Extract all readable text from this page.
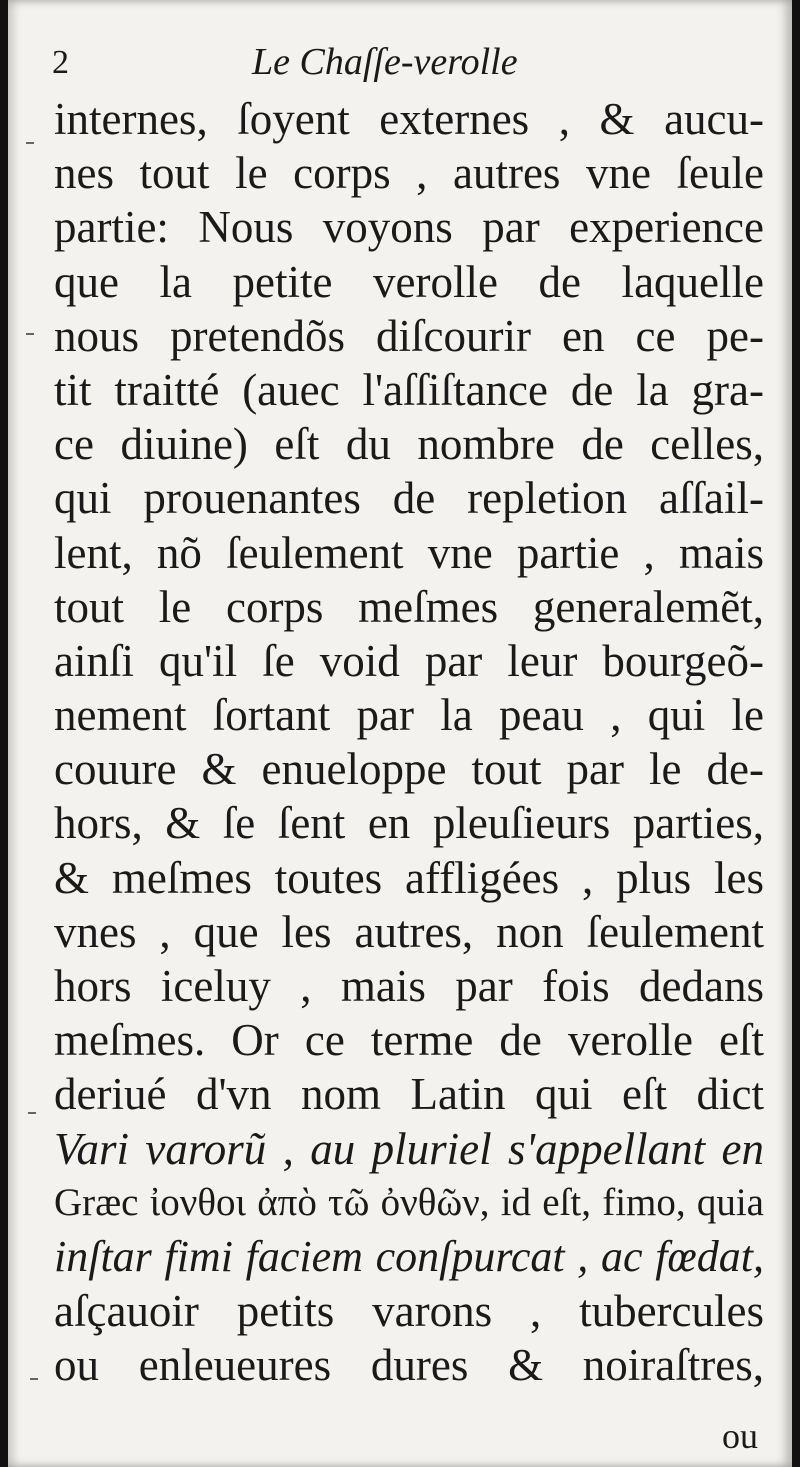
2	Le Chaſſe-verolle
internes, ſoyent externes , & aucu-
nes tout le corps , autres vne ſeule
partie: Nous voyons par experience
que la petite verolle de laquelle
nous pretendõs diſcourir en ce pe-
tit traitté (auec l'aſſiſtance de la gra-
ce diuine) eſt du nombre de celles,
qui prouenantes de repletion aſſail-
lent, nõ ſeulement vne partie , mais
tout le corps meſmes generalemẽt,
ainſi qu'il ſe void par leur bourgeõ-
nement ſortant par la peau , qui le
couure & enueloppe tout par le de-
hors, & ſe ſent en pleuſieurs parties,
& meſmes toutes affligées , plus les
vnes , que les autres, non ſeulement
hors iceluy , mais par fois dedans
meſmes. Or ce terme de verolle eſt
deriué d'vn nom Latin qui eſt dict
Vari varorũ , au pluriel s'appellant en
Græc ἰονθοι ἀπὸ τῶ ὀνθῶν, id eſt, fimo, quia
inſtar fimi faciem conſpurcat , ac fœdat,
aſçauoir petits varons , tubercules
ou enleueures dures & noiraſtres,
ou
